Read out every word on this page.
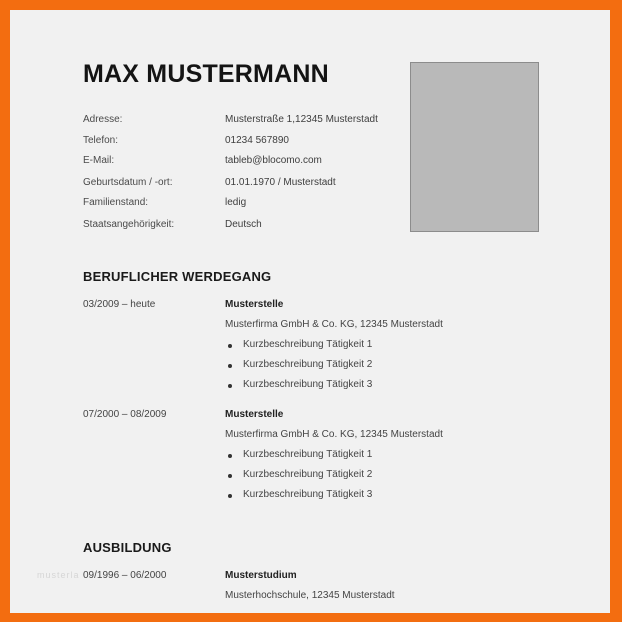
MAX MUSTERMANN
Adresse:	Musterstraße 1,12345 Musterstadt
Telefon:	01234 567890
E-Mail:	tableb@blocomo.com
Geburtsdatum / -ort:	01.01.1970 / Musterstadt
Familienstand:	ledig
Staatsangehörigkeit:	Deutsch
BERUFLICHER WERDEGANG
03/2009 – heute	Musterstelle
Musterfirma GmbH & Co. KG, 12345 Musterstadt
Kurzbeschreibung Tätigkeit 1
Kurzbeschreibung Tätigkeit 2
Kurzbeschreibung Tätigkeit 3
07/2000 – 08/2009	Musterstelle
Musterfirma GmbH & Co. KG, 12345 Musterstadt
Kurzbeschreibung Tätigkeit 1
Kurzbeschreibung Tätigkeit 2
Kurzbeschreibung Tätigkeit 3
AUSBILDUNG
09/1996 – 06/2000	Musterstudium
Musterhochschule, 12345 Musterstadt
musterla
